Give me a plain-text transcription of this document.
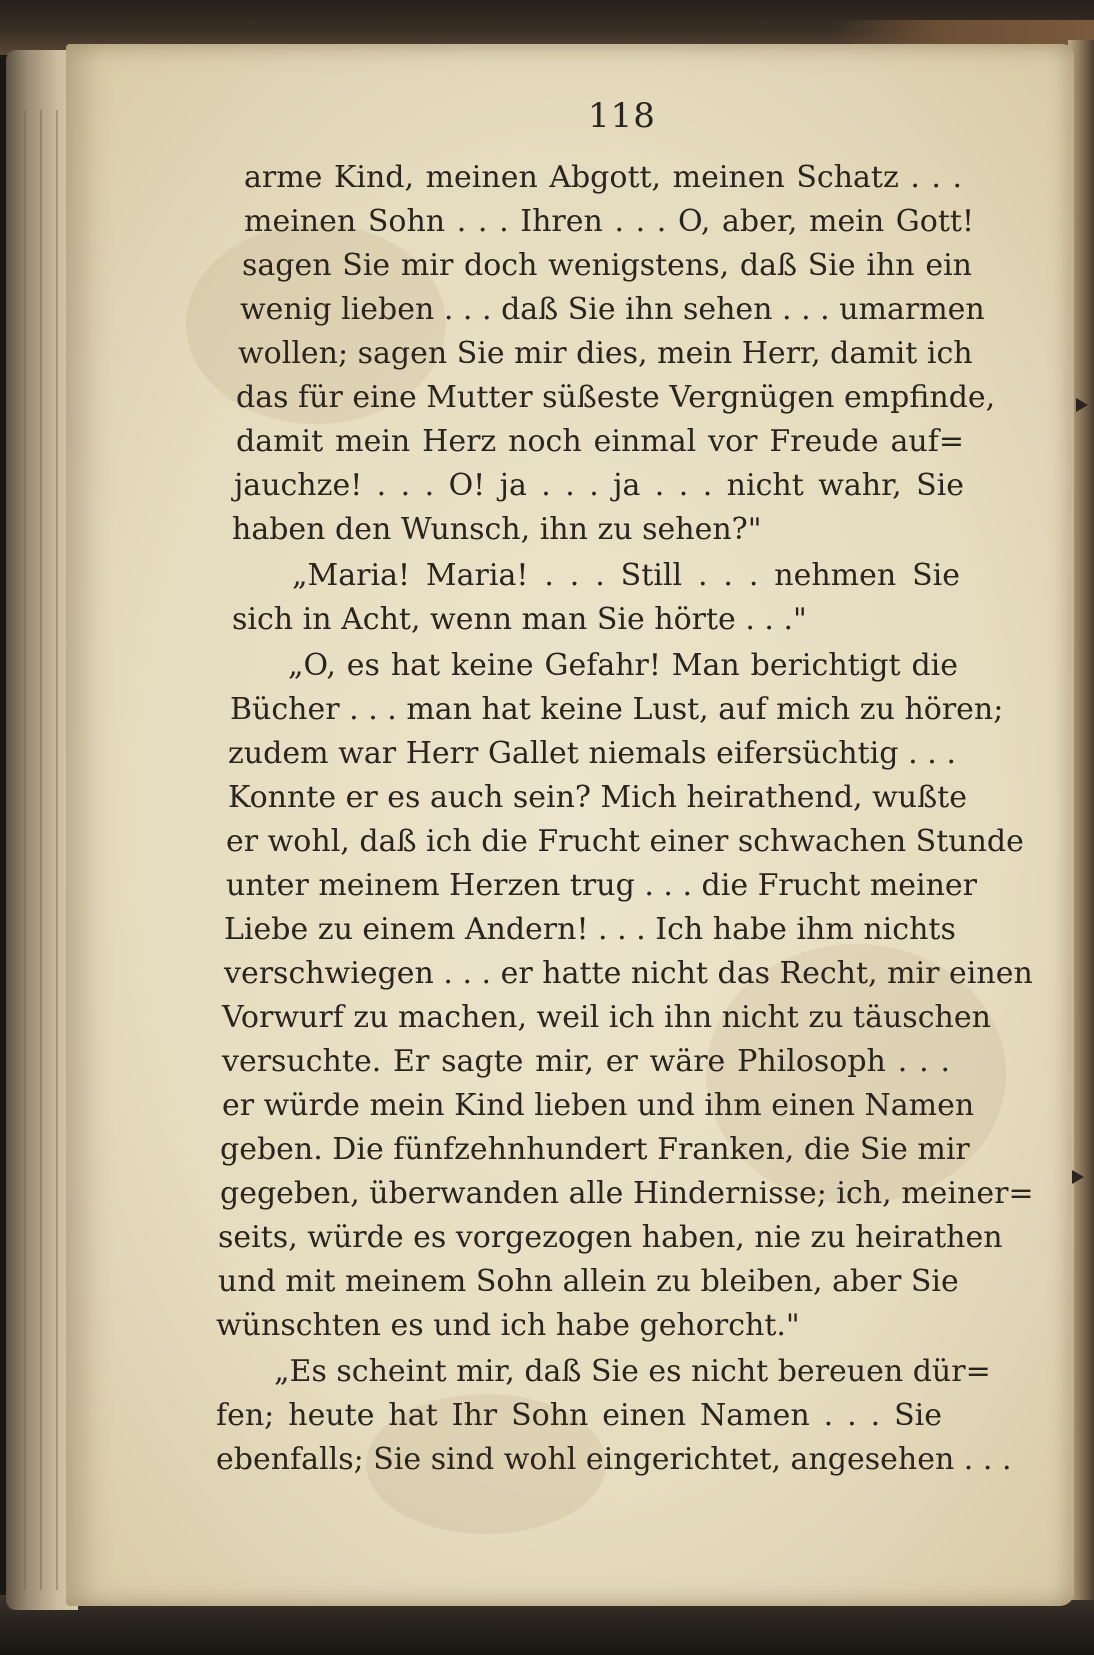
118

arme Kind, meinen Abgott, meinen Schatz . . .

meinen Sohn . . . Ihren . . . O, aber, mein Gott!

sagen Sie mir doch wenigstens, daß Sie ihn ein

wenig lieben . . . daß Sie ihn sehen . . . umarmen

wollen; sagen Sie mir dies, mein Herr, damit ich

das für eine Mutter süßeste Vergnügen empfinde,

damit mein Herz noch einmal vor Freude auf=

jauchze! . . . O! ja . . . ja . . . nicht wahr, Sie

haben den Wunsch, ihn zu sehen?"

„Maria! Maria! . . . Still . . . nehmen Sie

sich in Acht, wenn man Sie hörte . . ."

„O, es hat keine Gefahr! Man berichtigt die

Bücher . . . man hat keine Lust, auf mich zu hören;

zudem war Herr Gallet niemals eifersüchtig . . .

Konnte er es auch sein? Mich heirathend, wußte

er wohl, daß ich die Frucht einer schwachen Stunde

unter meinem Herzen trug . . . die Frucht meiner

Liebe zu einem Andern! . . . Ich habe ihm nichts

verschwiegen . . . er hatte nicht das Recht, mir einen

Vorwurf zu machen, weil ich ihn nicht zu täuschen

versuchte. Er sagte mir, er wäre Philosoph . . .

er würde mein Kind lieben und ihm einen Namen

geben. Die fünfzehnhundert Franken, die Sie mir

gegeben, überwanden alle Hindernisse; ich, meiner=

seits, würde es vorgezogen haben, nie zu heirathen

und mit meinem Sohn allein zu bleiben, aber Sie

wünschten es und ich habe gehorcht."

„Es scheint mir, daß Sie es nicht bereuen dür=

fen; heute hat Ihr Sohn einen Namen . . . Sie

ebenfalls; Sie sind wohl eingerichtet, angesehen . . .
